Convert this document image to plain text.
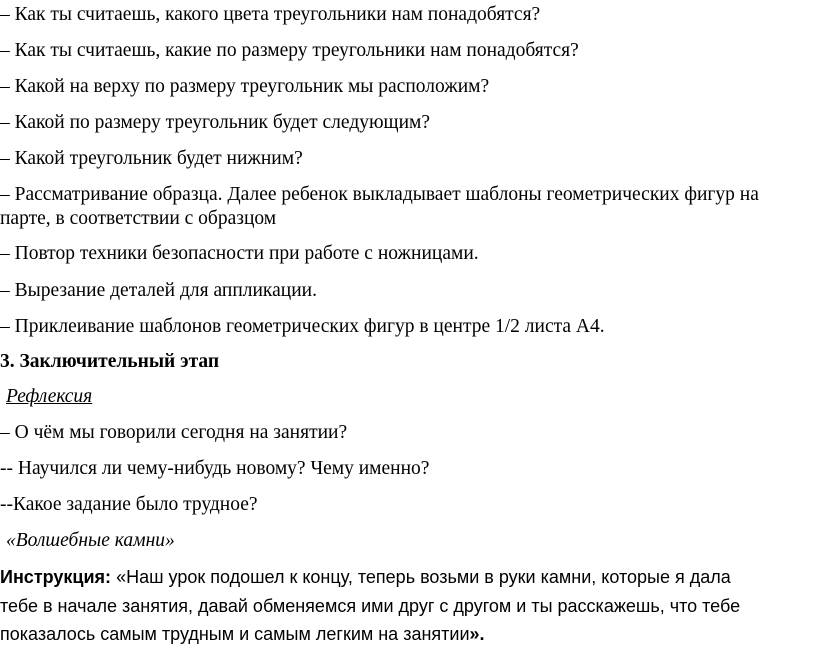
– Как ты считаешь, какого цвета треугольники нам понадобятся?
– Как ты считаешь, какие по размеру треугольники нам понадобятся?
– Какой на верху по размеру треугольник мы расположим?
– Какой по размеру треугольник будет следующим?
– Какой треугольник будет нижним?
– Рассматривание образца. Далее ребенок выкладывает шаблоны геометрических фигур на
парте, в соответствии с образцом
– Повтор техники безопасности при работе с ножницами.
– Вырезание деталей для аппликации.
– Приклеивание шаблонов геометрических фигур в центре 1/2 листа А4.
3. Заключительный этап
Рефлексия
– О чём мы говорили сегодня на занятии?
-- Научился ли чему-нибудь новому? Чему именно?
--Какое задание было трудное?
«Волшебные камни»
Инструкция: «Наш урок подошел к концу, теперь возьми в руки камни, которые я дала
тебе в начале занятия, давай обменяемся ими друг с другом и ты расскажешь, что тебе
показалось самым трудным и самым легким на занятии».
